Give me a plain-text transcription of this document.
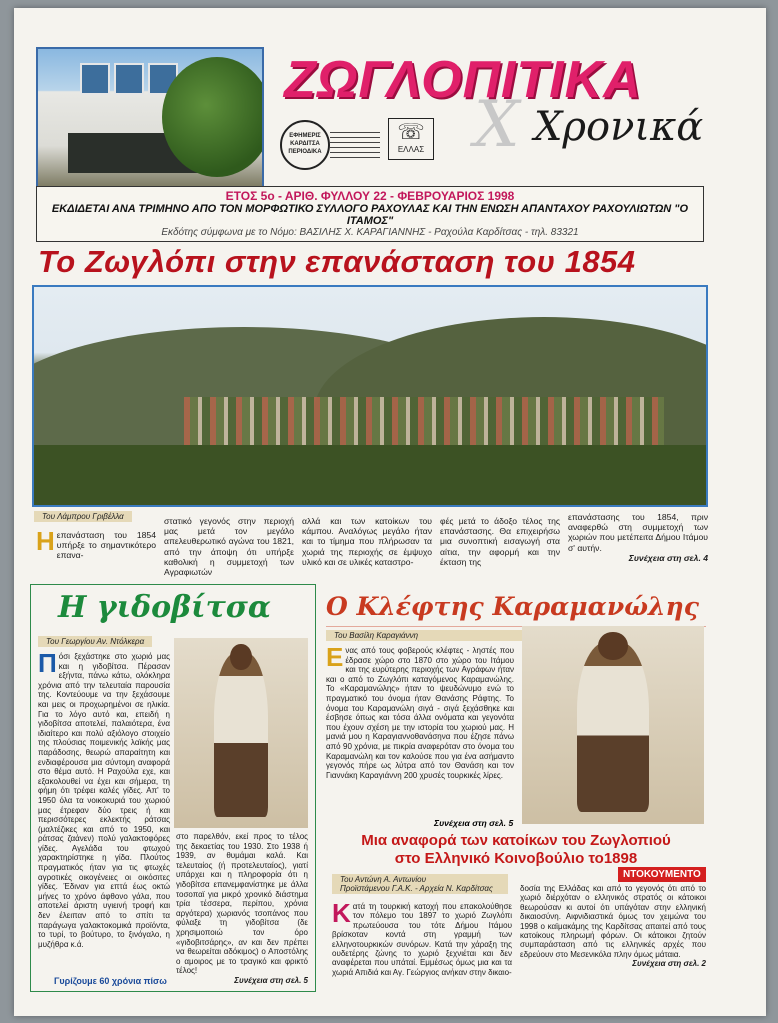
Χ
ΖΩΓΛΟΠΙΤΙΚΑ
Χρονικά
ΕΦΗΜΕΡΙΣ ΚΑΡΔΙΤΣΑ ΠΕΡΙΟΔΙΚΑ
☏
ΕΛΛΑΣ
ΕΤΟΣ 5ο - ΑΡΙΘ. ΦΥΛΛΟΥ 22 - ΦΕΒΡΟΥΑΡΙΟΣ 1998
ΕΚΔΙΔΕΤΑΙ ΑΝΑ ΤΡΙΜΗΝΟ ΑΠΟ ΤΟΝ ΜΟΡΦΩΤΙΚΟ ΣΥΛΛΟΓΟ ΡΑΧΟΥΛΑΣ ΚΑΙ ΤΗΝ ΕΝΩΣΗ ΑΠΑΝΤΑΧΟΥ ΡΑΧΟΥΛΙΩΤΩΝ "Ο ΙΤΑΜΟΣ"
Εκδότης σύμφωνα με το Νόμο: ΒΑΣΙΛΗΣ Χ. ΚΑΡΑΓΙΑΝΝΗΣ - Ραχούλα Καρδίτσας - τηλ. 83321
Το Ζωγλόπι στην επανάσταση του 1854
Του Λάμπρου Γριβέλλα
Ηεπανάσταση του 1854 υπήρξε το σημαντικότερο επανα-
στατικό γεγονός στην περιοχή μας μετά τον μεγάλο απελευθερωτικό αγώνα του 1821, από την άποψη ότι υπήρξε καθολική η συμμετοχή των Αγραφιωτών
αλλά και των κατοίκων του κάμπου. Αναλόγως μεγάλο ήταν και το τίμημα που πλήρωσαν τα χωριά της περιοχής σε έμψυχο υλικό και σε υλικές καταστρο-
φές μετά το άδοξο τέλος της επανάστασης. Θα επιχειρήσω μια συνοπτική εισαγωγή στα αίτια, την αφορμή και την έκταση της
επανάστασης του 1854, πριν αναφερθώ στη συμμετοχή των χωριών που μετέπειτα Δήμου Ιτάμου σ' αυτήν.
Συνέχεια στη σελ. 4
Η γιδοβίτσα
Του Γεωργίου Αν. Ντόλκερα
Πόσι ξεχάστηκε στο χωριό μας και η γιδοβίτσα. Πέρασαν εξήντα, πάνω κάτω, ολόκληρα χρόνια από την τελευταία παρουσία της. Κοντεύουμε να την ξεχάσουμε και μεις οι προχωρημένοι σε ηλικία. Για το λόγο αυτό και, επειδή η γιδοβίτσα αποτελεί, παλαιότερα, ένα ιδιαίτερο και πολύ αξιόλογο στοιχείο της πλούσιας ποιμενικής λαϊκής μας παράδοσης, θεωρώ απαραίτητη και ενδιαφέρουσα μια σύντομη αναφορά στο θέμα αυτό. Η Ραχούλα εχε, και εξακολουθεί να έχει και σήμερα, τη φήμη ότι τρέφει καλές γίδες. Απ' το 1950 όλα τα νοικοκυριά του χωριού μας έτρεφαν δύο τρεις ή και περισσότερες εκλεκτής ράτσας (μαλτέζικες και από το 1950, και ράτσας ζαάνεν) πολύ γαλακτοφόρες γίδες. Αγελάδα του φτωχού χαρακτηρίστηκε η γίδα. Πλούτος πραγματικός ήταν για τις φτωχές αγροτικές οικογένειες οι οικόσιτες γίδες. Έδιναν για επτά έως οκτώ μήνες το χρόνο άφθονο γάλα, που αποτελεί άριστη υγιεινή τροφή και δεν έλειπαν από το σπίτι τα παράγωγα γαλακτοκομικά προϊόντα, το τυρί, το βούτυρο, το ξινόγαλο, η μυζήθρα κ.ά.
στο παρελθόν, εκεί προς το τέλος της δεκαετίας του 1930. Στο 1938 ή 1939, αν θυμάμαι καλά. Και τελευταίος (ή προτελευταίος), γιατί υπάρχει και η πληροφορία ότι η γιδοβίτσα επανεμφανίστηκε με άλλα τοσοπαϊ για μικρό χρονικό διάστημα τρία τέσσερα, περίπου, χρόνια αργότερα) χωριανός τσοπάνος που φύλαξε τη γιδοβίτσα (δε χρησιμοποιώ τον όρο «γιδοβιτσάρης», αν και δεν πρέπει να θεωρείται αδόκιμος) ο Αποστόλης ο αμοιρος με το τραγικό και φρικτό τέλος!
Συνέχεια στη σελ. 5
Γυρίζουμε 60 χρόνια πίσω
Ο Κλέφτης Καραμανώλης
Του Βασίλη Καραγιάννη
Ενας από τους φοβερούς κλέφτες - ληστές που έδρασε χώρο στο 1870 στο χώρο του Ιτάμου και της ευρύτερης περιοχής των Αγράφων ήταν και ο από το Ζωγλόπι καταγόμενος Καραμανώλης. Το «Καραμανώλης» ήταν το ψευδώνυμο ενώ το πραγματικό του όνομα ήταν Θανάσης Ράφτης. Το όνομα του Καραμανώλη σιγά - σιγά ξεχάσθηκε και έσβησε όπως και τόσα άλλα ονόματα και γεγονότα που έχουν σχέση με την ιστορία του χωριού μας. Η μανιά μου η Καραγιαννοθανάσηνα που έζησε πάνω από 90 χρόνια, με πικρία αναφερόταν στο όνομα του Καραμανώλη και τον καλούσε που για ένα ασήμαντο γεγονός πήρε ως λύτρα από τον Θανάση και τον Γιαννάκη Καραγιάννη 200 χρυσές τουρκικές λίρες.
Συνέχεια στη σελ. 5
Μια αναφορά των κατοίκων του Ζωγλοπιού
στο Ελληνικό Κοινοβούλιο το1898
ΝΤΟΚΟΥΜΕΝΤΟ
Του Αντώνη Α. Αντωνίου
Προϊστάμενου Γ.Α.Κ. - Αρχεία Ν. Καρδίτσας
Κατά τη τουρκική κατοχή που επακολούθησε τον πόλεμο του 1897 το χωριό Ζωγλόπι πρωτεύουσα του τότε Δήμου Ιτάμου βρίσκοταν κοντά στη γραμμή των ελληνοτουρκικών συνόρων. Κατά την χάραξη της ουδετέρης ζώνης το χωριό ξεχνιέται και δεν αναφέρεται που υπάταί. Εμμέσως όμως μια και τα χωριά Απιδιά και Αγ. Γεώργιος ανήκαν στην δικαιο-
δοσία της Ελλάδας και από το γεγονός ότι από το χωριό διέρχόταν ο ελληνικός στρατός οι κάτοικοι θεωρούσαν κι αυτοί ότι υπάγόταν στην ελληνική δικαιοσύνη. Αιφνιδιαστικά όμως τον χειμώνα του 1998 ο καϊμακάμης της Καρδίτσας απαιτεί από τους κατοίκους πληρωμή φόρων. Οι κάτοικοι ζητούν συμπαράσταση από τις ελληνικές αρχές που εδρεύουν στο Μεσενικόλα πλην όμως μάταια.
Συνέχεια στη σελ. 2
